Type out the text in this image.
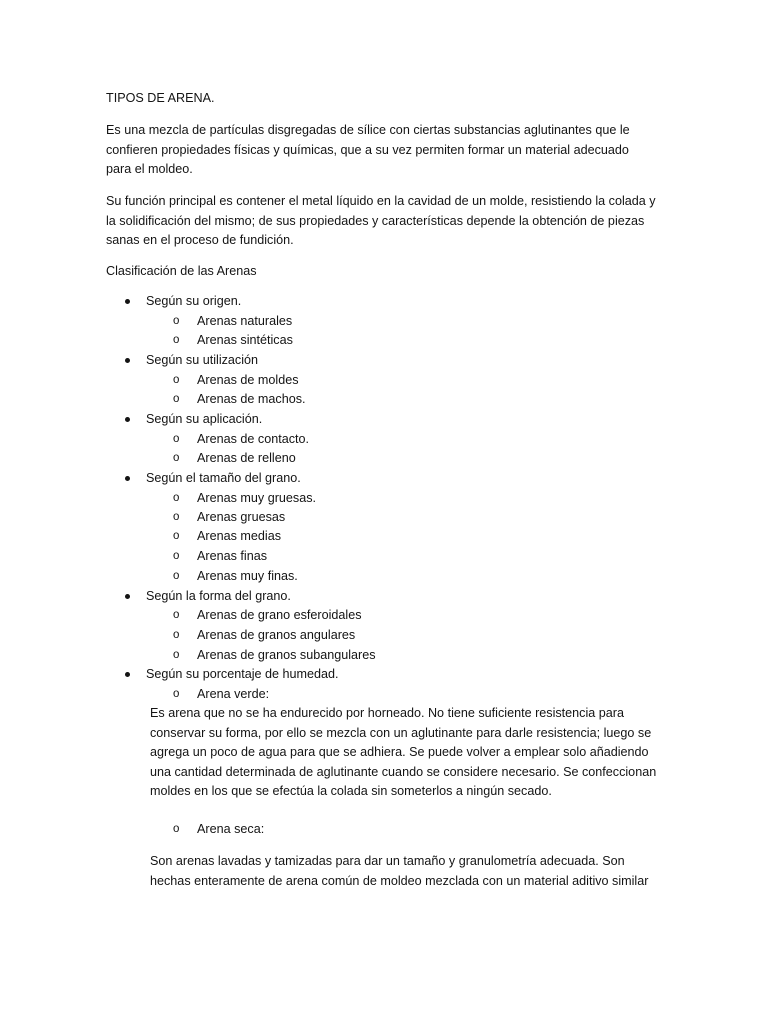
TIPOS DE ARENA.
Es una mezcla de partículas disgregadas de sílice con ciertas substancias aglutinantes que le
confieren propiedades físicas y químicas, que a su vez permiten formar un material adecuado
para el moldeo.
Su función principal es contener el metal líquido en la cavidad de un molde, resistiendo la colada y
la solidificación del mismo; de sus propiedades y características depende la obtención de piezas
sanas en el proceso de fundición.
Clasificación de las Arenas
Según su origen.
o Arenas naturales
o Arenas sintéticas
Según su utilización
o Arenas de moldes
o Arenas de machos.
Según su aplicación.
o Arenas de contacto.
o Arenas de relleno
Según el tamaño del grano.
o Arenas muy gruesas.
o Arenas gruesas
o Arenas medias
o Arenas finas
o Arenas muy finas.
Según la forma del grano.
o Arenas de grano esferoidales
o Arenas de granos angulares
o Arenas de granos subangulares
Según su porcentaje de humedad.
o Arena verde:
Es arena que no se ha endurecido por horneado. No tiene suficiente resistencia para
conservar su forma, por ello se mezcla con un aglutinante para darle resistencia; luego se
agrega un poco de agua para que se adhiera. Se puede volver a emplear solo añadiendo
una cantidad determinada de aglutinante cuando se considere necesario. Se confeccionan
moldes en los que se efectúa la colada sin someterlos a ningún secado.
o Arena seca:
Son arenas lavadas y tamizadas para dar un tamaño y granulometría adecuada. Son
hechas enteramente de arena común de moldeo mezclada con un material aditivo similar
